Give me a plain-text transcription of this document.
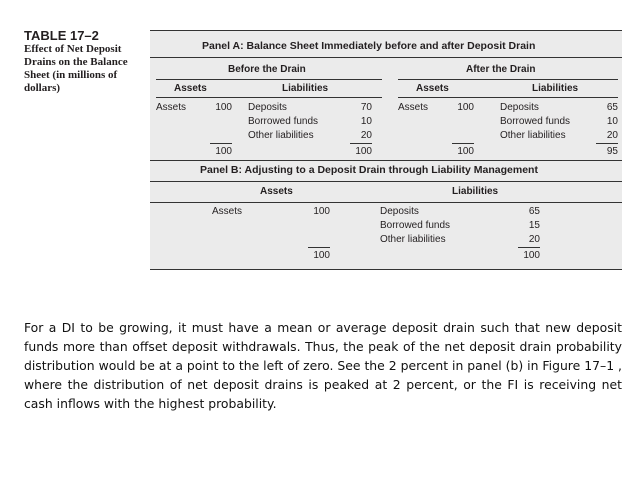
TABLE 17–2
Effect of Net Deposit Drains on the Balance Sheet (in millions of dollars)
Panel A: Balance Sheet Immediately before and after Deposit Drain
Before the Drain	After the Drain
Assets	Liabilities	Assets	Liabilities
Assets	100 Deposits	70
Borrowed funds	10
Other liabilities	20
100	100
Assets	100	Deposits	65
Borrowed funds	10
Other liabilities	20
100	95
Panel B: Adjusting to a Deposit Drain through Liability Management
Assets	Liabilities
Assets	100	Deposits	65
Borrowed funds	15
Other liabilities	20
100	100
For a DI to be growing, it must have a mean or average deposit drain such that new deposit funds more than offset deposit withdrawals. Thus, the peak of the net deposit drain probability distribution would be at a point to the left of zero. See the 2 percent in panel (b) in Figure 17–1 , where the distribution of net deposit drains is peaked at 2 percent, or the FI is receiving net cash inflows with the highest probability.
